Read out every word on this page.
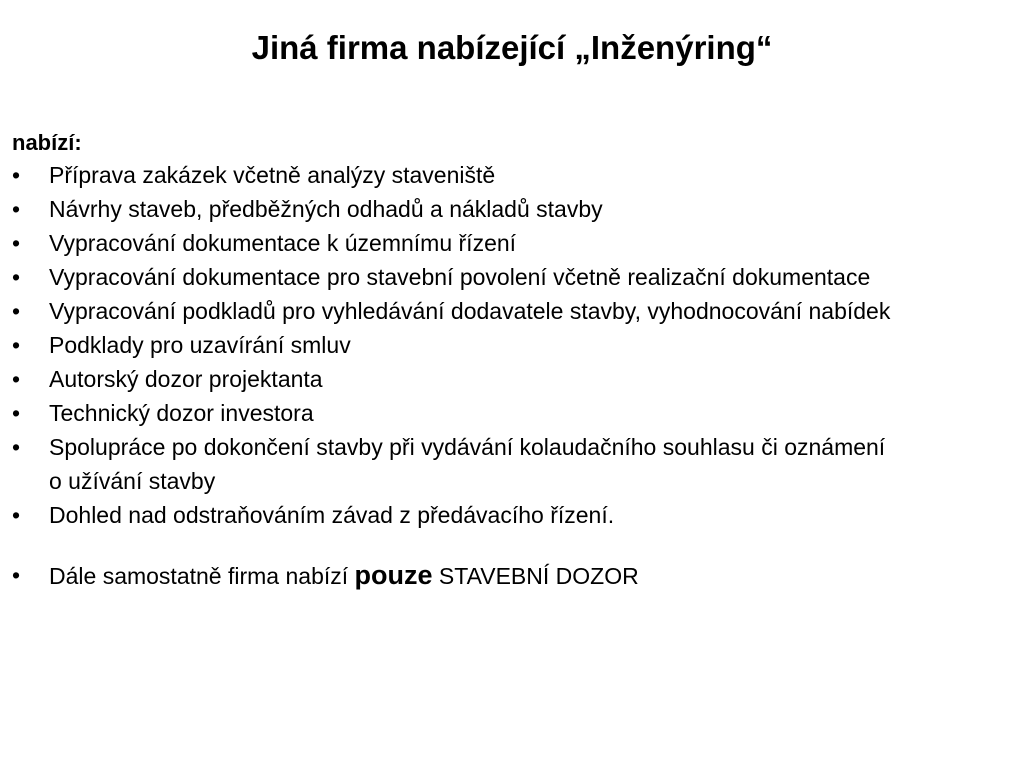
Jiná firma nabízející „Inženýring“

nabízí:

•	Příprava zakázek včetně analýzy staveniště
•	Návrhy staveb, předběžných odhadů a nákladů stavby
•	Vypracování dokumentace k územnímu řízení
•	Vypracování dokumentace pro stavební povolení včetně realizační dokumentace
•	Vypracování podkladů pro vyhledávání dodavatele stavby, vyhodnocování nabídek
•	Podklady pro uzavírání smluv
•	Autorský dozor projektanta
•	Technický dozor investora
•	Spolupráce po dokončení stavby při vydávání kolaudačního souhlasu či oznámení
o užívání stavby
•	Dohled nad odstraňováním závad z předávacího řízení.
•	Dále samostatně firma nabízí pouze STAVEBNÍ DOZOR
